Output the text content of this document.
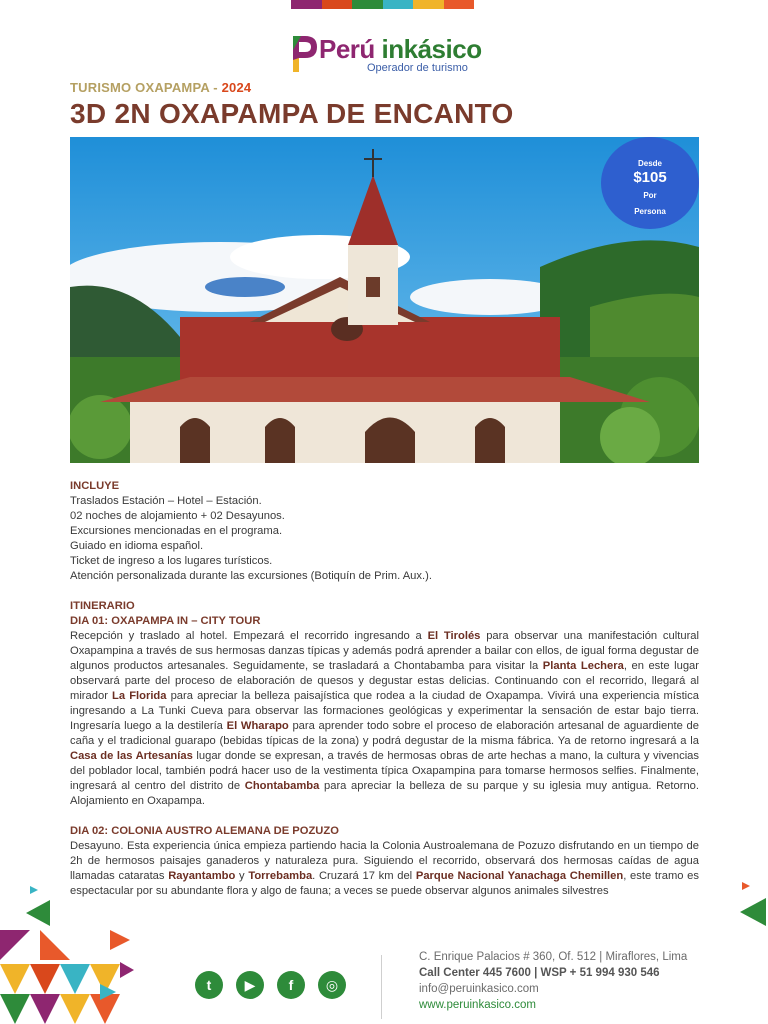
Perú inkásico
Operador de turismo
TURISMO OXAPAMPA - 2024
3D 2N OXAPAMPA DE ENCANTO
Desde
$105
Por
Persona
INCLUYE
Traslados Estación – Hotel – Estación.
02 noches de alojamiento + 02 Desayunos.
Excursiones mencionadas en el programa.
Guiado en idioma español.
Ticket de ingreso a los lugares turísticos.
Atención personalizada durante las excursiones (Botiquín de Prim. Aux.).
ITINERARIO
DIA 01: OXAPAMPA IN – CITY TOUR
Recepción y traslado al hotel. Empezará el recorrido ingresando a El Tirolés para observar una manifestación cultural Oxapampina a través de sus hermosas danzas típicas y además podrá aprender a bailar con ellos, de igual forma degustar de algunos productos artesanales. Seguidamente, se trasladará a Chontabamba para visitar la Planta Lechera, en este lugar observará parte del proceso de elaboración de quesos y degustar estas delicias. Continuando con el recorrido, llegará al mirador La Florida para apreciar la belleza paisajística que rodea a la ciudad de Oxapampa. Vivirá una experiencia mística ingresando a La Tunki Cueva para observar las formaciones geológicas y experimentar la sensación de estar bajo tierra. Ingresaría luego a la destilería El Wharapo para aprender todo sobre el proceso de elaboración artesanal de aguardiente de caña y el tradicional guarapo (bebidas típicas de la zona) y podrá degustar de la misma fábrica. Ya de retorno ingresará a la Casa de las Artesanías lugar donde se expresan, a través de hermosas obras de arte hechas a mano, la cultura y vivencias del poblador local, también podrá hacer uso de la vestimenta típica Oxapampina para tomarse hermosos selfies. Finalmente, ingresará al centro del distrito de Chontabamba para apreciar la belleza de su parque y su iglesia muy antigua. Retorno. Alojamiento en Oxapampa.
DIA 02: COLONIA AUSTRO ALEMANA DE POZUZO
Desayuno. Esta experiencia única empieza partiendo hacia la Colonia Austroalemana de Pozuzo disfrutando en un tiempo de 2h de hermosos paisajes ganaderos y naturaleza pura. Siguiendo el recorrido, observará dos hermosas caídas de agua llamadas cataratas Rayantambo y Torrebamba. Cruzará 17 km del Parque Nacional Yanachaga Chemillen, este tramo es espectacular por su abundante flora y algo de fauna; a veces se puede observar algunos animales silvestres
t	▶	f	◎
C. Enrique Palacios # 360, Of. 512 | Miraflores, Lima
Call Center 445 7600 | WSP + 51 994 930 546
info@peruinkasico.com
www.peruinkasico.com
